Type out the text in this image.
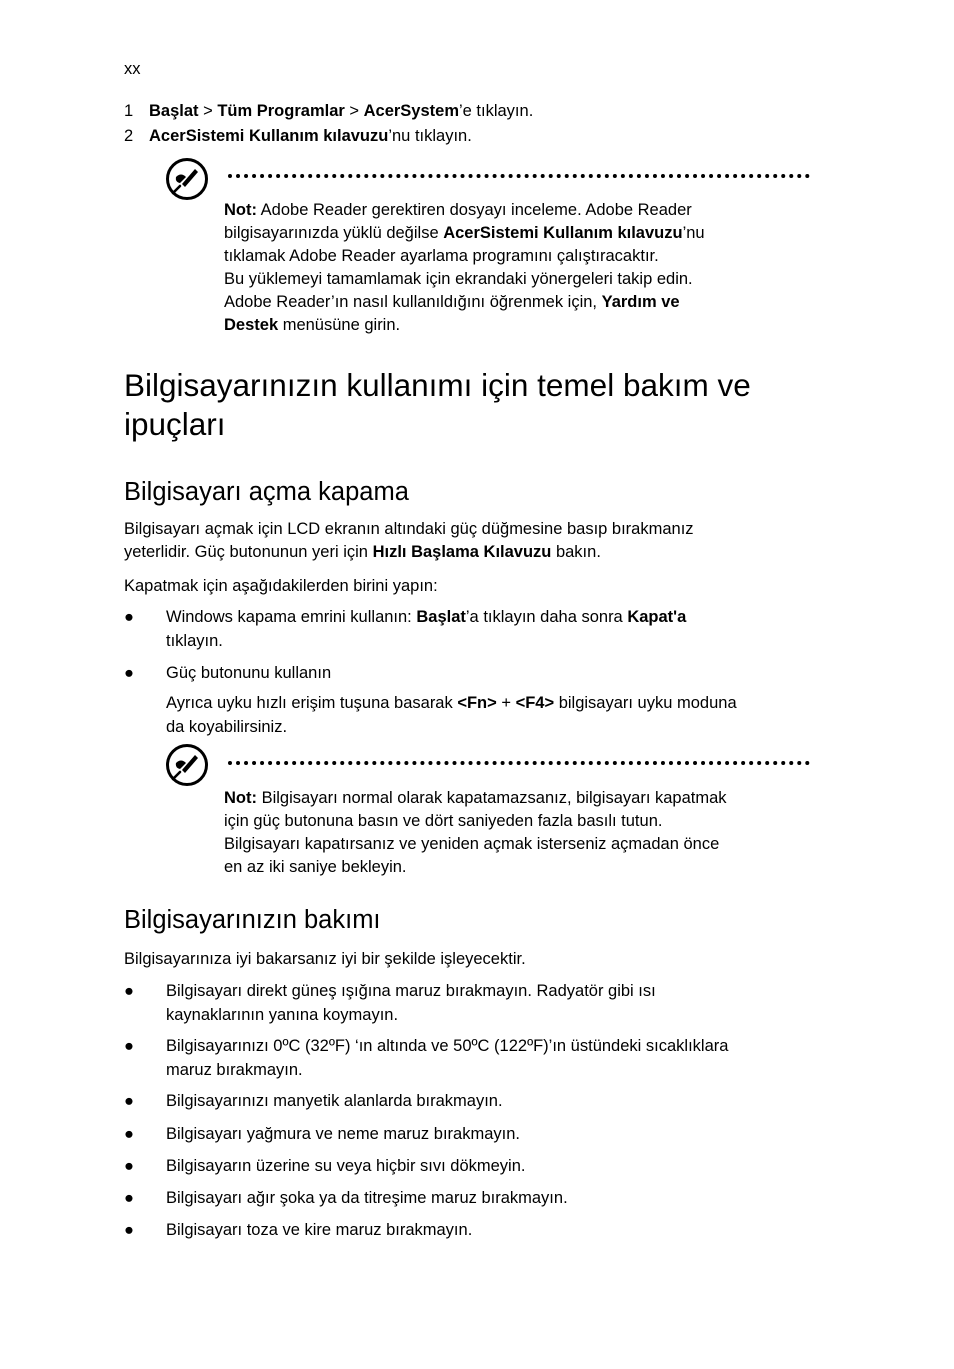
xx
1 Başlat > Tüm Programlar > AcerSystem’e tıklayın.
2 AcerSistemi Kullanım kılavuzu’nu tıklayın.

Not: Adobe Reader gerektiren dosyayı inceleme. Adobe Reader

bilgisayarınızda yüklü değilse AcerSistemi Kullanım kılavuzu’nu

tıklamak Adobe Reader ayarlama programını çalıştıracaktır.

Bu yüklemeyi tamamlamak için ekrandaki yönergeleri takip edin.

Adobe Reader’ın nasıl kullanıldığını öğrenmek için, Yardım ve

Destek menüsüne girin.

Bilgisayarınızın kullanımı için temel bakım ve
ipuçları
Bilgisayarı açma kapama

Bilgisayarı açmak için LCD ekranın altındaki güç düğmesine basıp bırakmanız

yeterlidir. Güç butonunun yeri için Hızlı Başlama Kılavuzu bakın.

Kapatmak için aşağıdakilerden birini yapın:
● Windows kapama emrini kullanın: Başlat’a tıklayın daha sonra Kapat'a
tıklayın.
● Güç butonunu kullanın
Ayrıca uyku hızlı erişim tuşuna basarak <Fn> + <F4> bilgisayarı uyku moduna
da koyabilirsiniz.

Not: Bilgisayarı normal olarak kapatamazsanız, bilgisayarı kapatmak

için güç butonuna basın ve dört saniyeden fazla basılı tutun.

Bilgisayarı kapatırsanız ve yeniden açmak isterseniz açmadan önce

en az iki saniye bekleyin.

Bilgisayarınızın bakımı
Bilgisayarınıza iyi bakarsanız iyi bir şekilde işleyecektir.
● Bilgisayarı direkt güneş ışığına maruz bırakmayın. Radyatör gibi ısı
kaynaklarının yanına koymayın.
● Bilgisayarınızı 0ºC (32ºF) ‘ın altında ve 50ºC (122ºF)’ın üstündeki sıcaklıklara
maruz bırakmayın.
● Bilgisayarınızı manyetik alanlarda bırakmayın.
● Bilgisayarı yağmura ve neme maruz bırakmayın.
● Bilgisayarın üzerine su veya hiçbir sıvı dökmeyin.
● Bilgisayarı ağır şoka ya da titreşime maruz bırakmayın.
● Bilgisayarı toza ve kire maruz bırakmayın.
